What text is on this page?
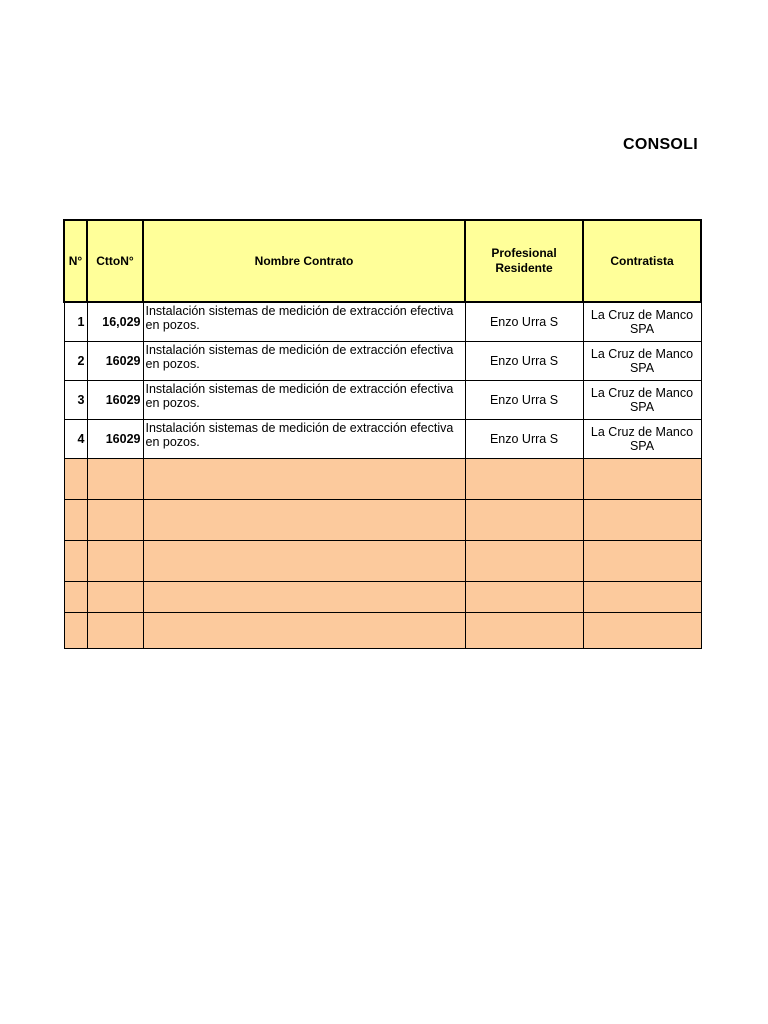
CONSOLI
N°	CttoN°	Nombre Contrato	Profesional Residente	Contratista
1	16,029	Instalación sistemas de medición de extracción efectiva en pozos.	Enzo Urra S	La Cruz de Manco SPA
2	16029	Instalación sistemas de medición de extracción efectiva en pozos.	Enzo Urra S	La Cruz de Manco SPA
3	16029	Instalación sistemas de medición de extracción efectiva en pozos.	Enzo Urra S	La Cruz de Manco SPA
4	16029	Instalación sistemas de medición de extracción efectiva en pozos.	Enzo Urra S	La Cruz de Manco SPA
